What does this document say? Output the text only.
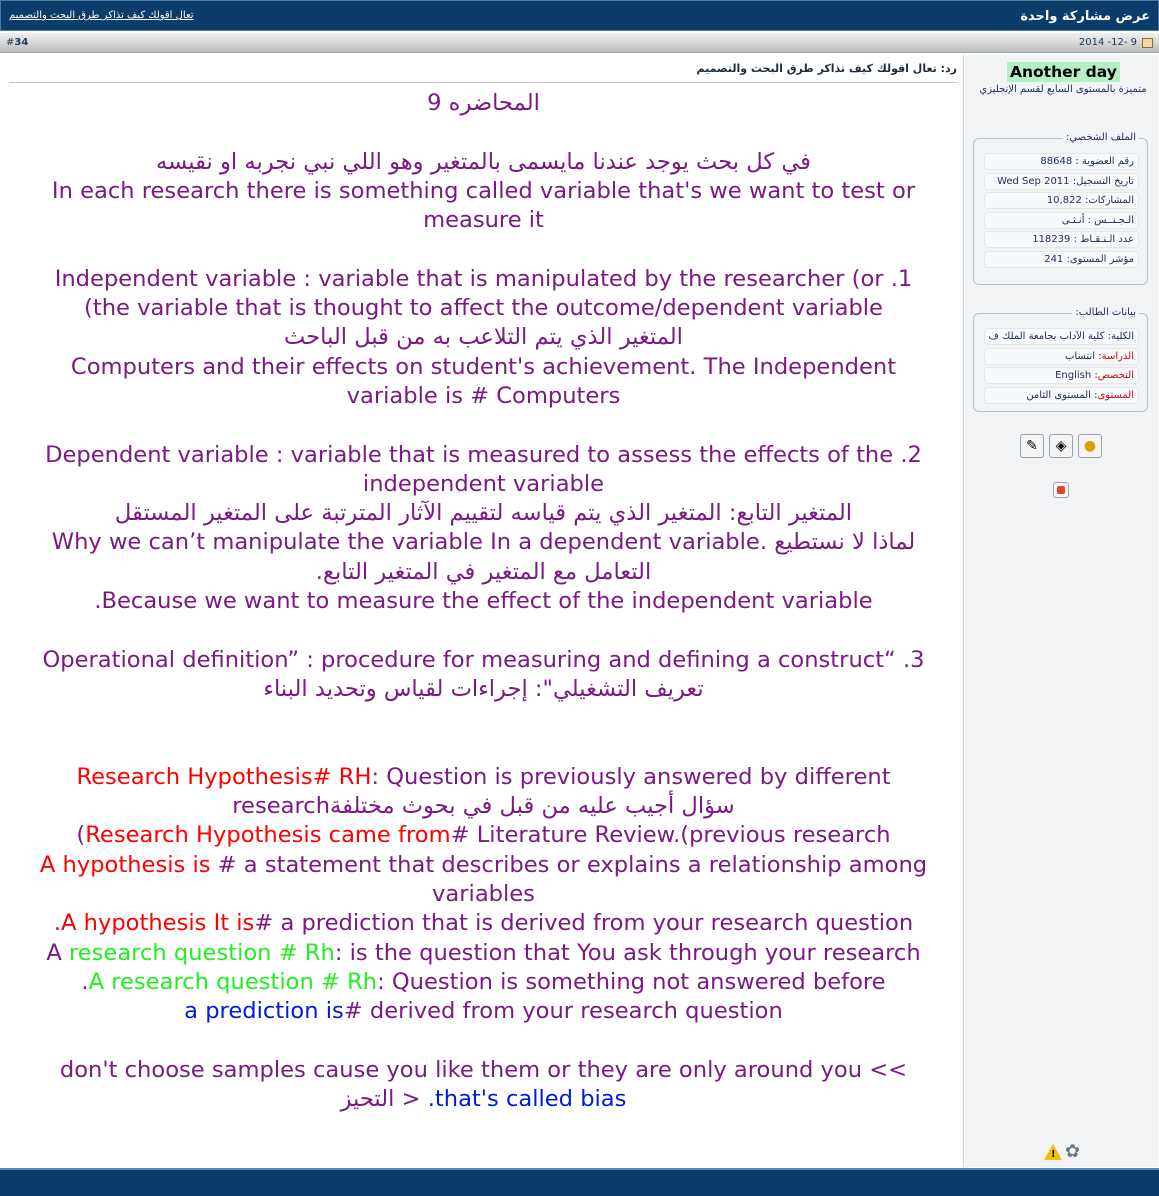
عرض مشاركة واحدة
تعال اقولك كيف تذاكر طرق البحث والتصميم
#34	2014 -12- 9
رد: تعال اقولك كيف تذاكر طرق البحث والتصميم
المحاضره 9
في كل بحث يوجد عندنا مايسمى بالمتغير وهو اللي نبي نجربه او نقيسه
In each research there is something called variable that's we want to test or
measure it
Independent variable : variable that is manipulated by the researcher (or .1
(the variable that is thought to affect the outcome/dependent variable
المتغير الذي يتم التلاعب به من قبل الباحث
Computers and their effects on student's achievement. The Independent
variable is # Computers
Dependent variable : variable that is measured to assess the effects of the .2
independent variable
المتغير التابع: المتغير الذي يتم قياسه لتقييم الآثار المترتبة على المتغير المستقل
Why we can’t manipulate the variable In a dependent variable. لماذا لا نستطيع
التعامل مع المتغير في المتغير التابع.
.Because we want to measure the effect of the independent variable
Operational definition” : procedure for measuring and defining a construct“ .3
تعريف التشغيلي": إجراءات لقياس وتحديد البناء
Research Hypothesis# RH: Question is previously answered by different
researchسؤال أجيب عليه من قبل في بحوث مختلفة
(Research Hypothesis came from# Literature Review.(previous research
A hypothesis is # a statement that describes or explains a relationship among
variables
.A hypothesis It is# a prediction that is derived from your research question
A research question # Rh: is the question that You ask through your research
.A research question # Rh: Question is something not answered before
a prediction is# derived from your research question
don't choose samples cause you like them or they are only around you <<
التحيز > .that's called bias
Another day
متميزة بالمستوى السابع لقسم الإنجليزي
الملف الشخصي:
رقم العضوية : 88648
تاريخ التسجيل: Wed Sep 2011
المشاركات: 10,822
الـجـنــس : أنـثـى
عدد الـنـقـاط : 118239
مؤشر المستوى: 241
بيانات الطالب:
الكلية: كلية الآداب بجامعة الملك ف
الدراسة: انتساب
التخصص: English
المستوى: المستوى الثامن
✎	◈	●
! ✿
